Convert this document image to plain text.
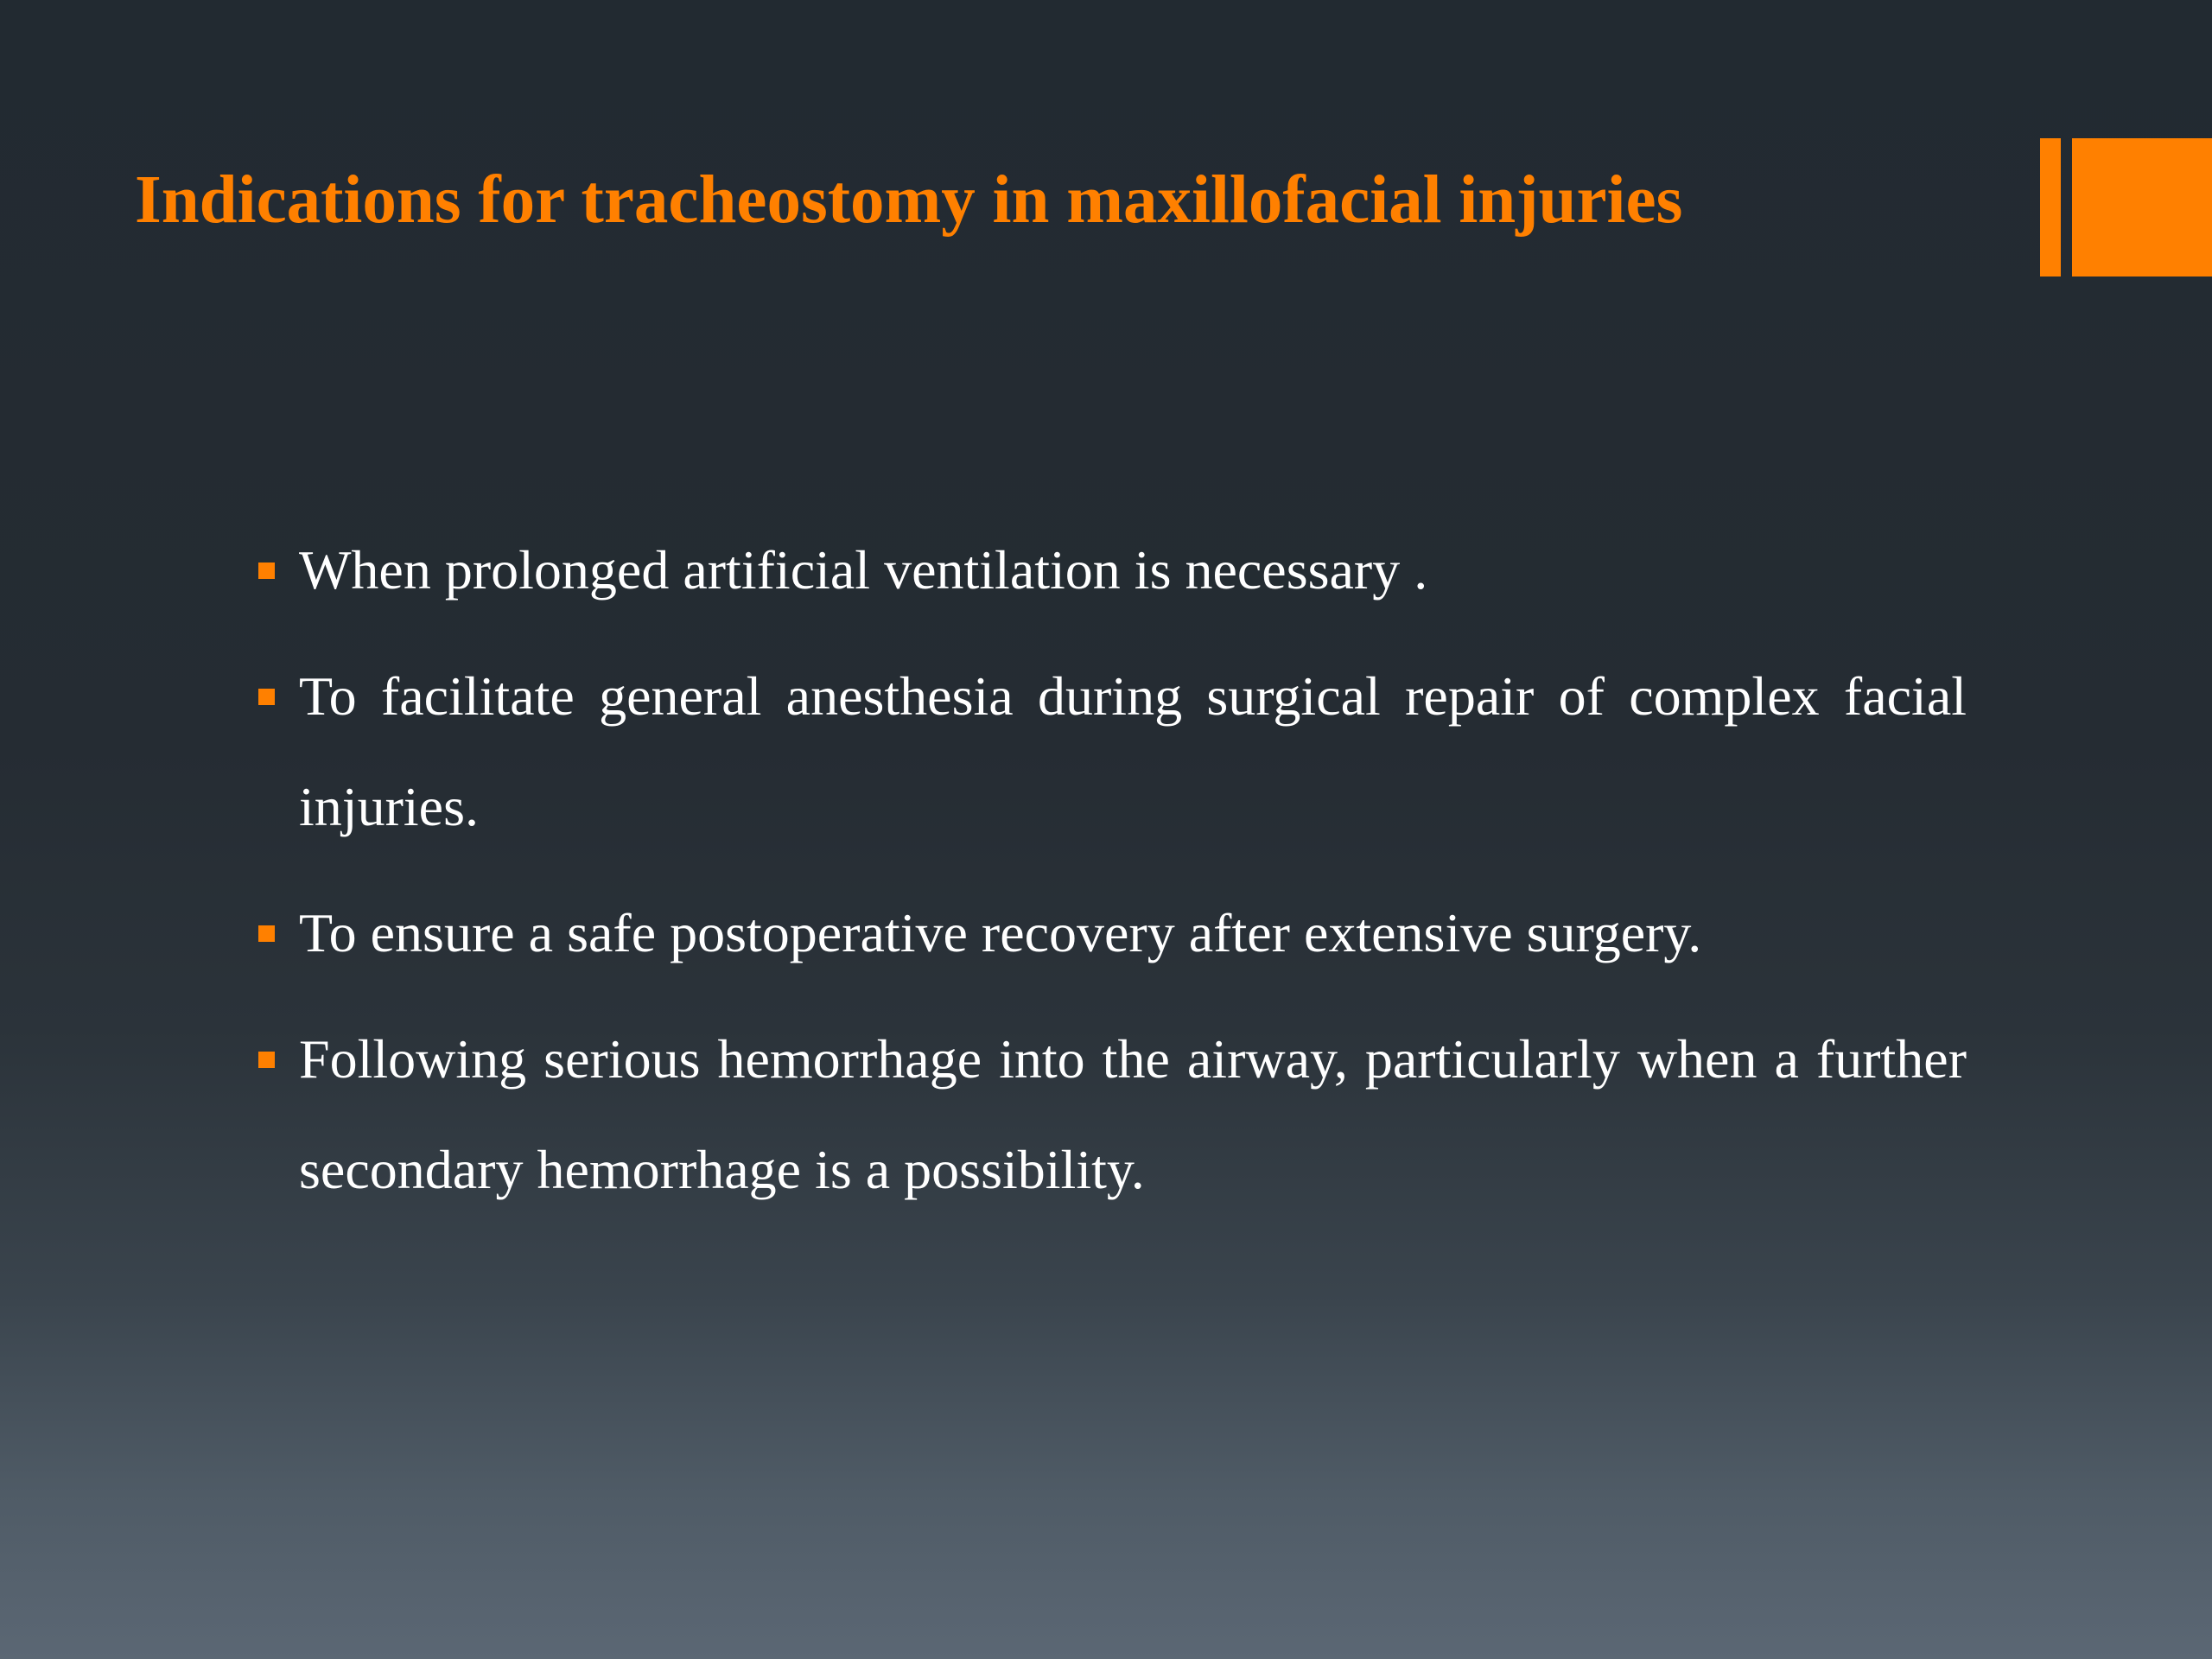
Indications for tracheostomy in maxillofacial injuries
When prolonged artificial ventilation is necessary .
To facilitate general anesthesia during surgical repair of complex facial injuries.
To ensure a safe postoperative recovery after extensive surgery.
Following serious hemorrhage into the airway, particularly when a further secondary hemorrhage is a possibility.
